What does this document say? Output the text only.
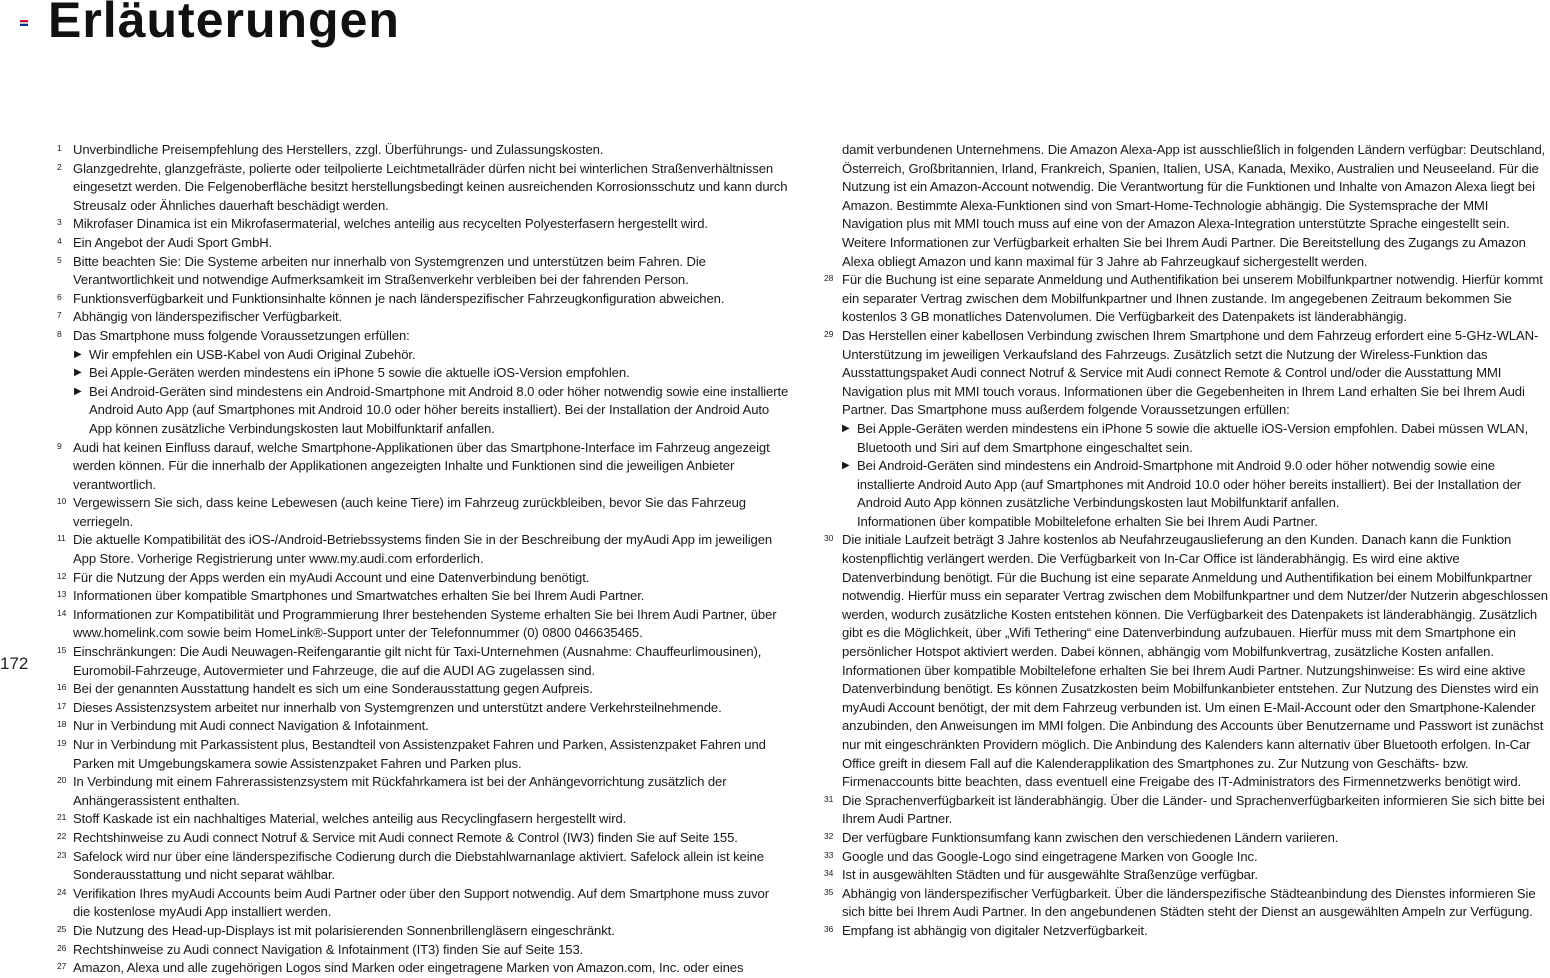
Erläuterungen
172
1 Unverbindliche Preisempfehlung des Herstellers, zzgl. Überführungs- und Zulassungskosten.
2 Glanzgedrehte, glanzgefräste, polierte oder teilpolierte Leichtmetallräder dürfen nicht bei winterlichen Straßenverhältnissen eingesetzt werden. Die Felgenoberfläche besitzt herstellungsbedingt keinen ausreichenden Korrosionsschutz und kann durch Streusalz oder Ähnliches dauerhaft beschädigt werden.
3 Mikrofaser Dinamica ist ein Mikrofasermaterial, welches anteilig aus recycelten Polyesterfasern hergestellt wird.
4 Ein Angebot der Audi Sport GmbH.
5 Bitte beachten Sie: Die Systeme arbeiten nur innerhalb von Systemgrenzen und unterstützen beim Fahren. Die Verantwortlichkeit und notwendige Aufmerksamkeit im Straßenverkehr verbleiben bei der fahrenden Person.
6 Funktionsverfügbarkeit und Funktionsinhalte können je nach länderspezifischer Fahrzeugkonfiguration abweichen.
7 Abhängig von länderspezifischer Verfügbarkeit.
8 Das Smartphone muss folgende Voraussetzungen erfüllen:
▶ Wir empfehlen ein USB-Kabel von Audi Original Zubehör.
▶ Bei Apple-Geräten werden mindestens ein iPhone 5 sowie die aktuelle iOS-Version empfohlen.
▶ Bei Android-Geräten sind mindestens ein Android-Smartphone mit Android 8.0 oder höher notwendig sowie eine installierte Android Auto App (auf Smartphones mit Android 10.0 oder höher bereits installiert). Bei der Installation der Android Auto App können zusätzliche Verbindungskosten laut Mobilfunktarif anfallen.
9 Audi hat keinen Einfluss darauf, welche Smartphone-Applikationen über das Smartphone-Interface im Fahrzeug angezeigt werden können. Für die innerhalb der Applikationen angezeigten Inhalte und Funktionen sind die jeweiligen Anbieter verantwortlich.
10 Vergewissern Sie sich, dass keine Lebewesen (auch keine Tiere) im Fahrzeug zurückbleiben, bevor Sie das Fahrzeug verriegeln.
11 Die aktuelle Kompatibilität des iOS-/Android-Betriebssystems finden Sie in der Beschreibung der myAudi App im jeweiligen App Store. Vorherige Registrierung unter www.my.audi.com erforderlich.
12 Für die Nutzung der Apps werden ein myAudi Account und eine Datenverbindung benötigt.
13 Informationen über kompatible Smartphones und Smartwatches erhalten Sie bei Ihrem Audi Partner.
14 Informationen zur Kompatibilität und Programmierung Ihrer bestehenden Systeme erhalten Sie bei Ihrem Audi Partner, über www.homelink.com sowie beim HomeLink®-Support unter der Telefonnummer (0) 0800 046635465.
15 Einschränkungen: Die Audi Neuwagen-Reifengarantie gilt nicht für Taxi-Unternehmen (Ausnahme: Chauffeurlimousinen), Euromobil-Fahrzeuge, Autovermieter und Fahrzeuge, die auf die AUDI AG zugelassen sind.
16 Bei der genannten Ausstattung handelt es sich um eine Sonderausstattung gegen Aufpreis.
17 Dieses Assistenzsystem arbeitet nur innerhalb von Systemgrenzen und unterstützt andere Verkehrsteilnehmende.
18 Nur in Verbindung mit Audi connect Navigation & Infotainment.
19 Nur in Verbindung mit Parkassistent plus, Bestandteil von Assistenzpaket Fahren und Parken, Assistenzpaket Fahren und Parken mit Umgebungskamera sowie Assistenzpaket Fahren und Parken plus.
20 In Verbindung mit einem Fahrerassistenzsystem mit Rückfahrkamera ist bei der Anhängevorrichtung zusätzlich der Anhängerassistent enthalten.
21 Stoff Kaskade ist ein nachhaltiges Material, welches anteilig aus Recyclingfasern hergestellt wird.
22 Rechtshinweise zu Audi connect Notruf & Service mit Audi connect Remote & Control (IW3) finden Sie auf Seite 155.
23 Safelock wird nur über eine länderspezifische Codierung durch die Diebstahlwarnanlage aktiviert. Safelock allein ist keine Sonderausstattung und nicht separat wählbar.
24 Verifikation Ihres myAudi Accounts beim Audi Partner oder über den Support notwendig. Auf dem Smartphone muss zuvor die kostenlose myAudi App installiert werden.
25 Die Nutzung des Head-up-Displays ist mit polarisierenden Sonnenbrillengläsern eingeschränkt.
26 Rechtshinweise zu Audi connect Navigation & Infotainment (IT3) finden Sie auf Seite 153.
27 Amazon, Alexa und alle zugehörigen Logos sind Marken oder eingetragene Marken von Amazon.com, Inc. oder eines
damit verbundenen Unternehmens. Die Amazon Alexa-App ist ausschließlich in folgenden Ländern verfügbar: Deutschland, Österreich, Großbritannien, Irland, Frankreich, Spanien, Italien, USA, Kanada, Mexiko, Australien und Neuseeland. Für die Nutzung ist ein Amazon-Account notwendig. Die Verantwortung für die Funktionen und Inhalte von Amazon Alexa liegt bei Amazon. Bestimmte Alexa-Funktionen sind von Smart-Home-Technologie abhängig. Die Systemsprache der MMI Navigation plus mit MMI touch muss auf eine von der Amazon Alexa-Integration unterstützte Sprache eingestellt sein. Weitere Informationen zur Verfügbarkeit erhalten Sie bei Ihrem Audi Partner. Die Bereitstellung des Zugangs zu Amazon Alexa obliegt Amazon und kann maximal für 3 Jahre ab Fahrzeugkauf sichergestellt werden.
28 Für die Buchung ist eine separate Anmeldung und Authentifikation bei unserem Mobilfunkpartner notwendig. Hierfür kommt ein separater Vertrag zwischen dem Mobilfunkpartner und Ihnen zustande. Im angegebenen Zeitraum bekommen Sie kostenlos 3 GB monatliches Datenvolumen. Die Verfügbarkeit des Datenpakets ist länderabhängig.
29 Das Herstellen einer kabellosen Verbindung zwischen Ihrem Smartphone und dem Fahrzeug erfordert eine 5-GHz-WLAN-Unterstützung im jeweiligen Verkaufsland des Fahrzeugs. Zusätzlich setzt die Nutzung der Wireless-Funktion das Ausstattungspaket Audi connect Notruf & Service mit Audi connect Remote & Control und/oder die Ausstattung MMI Navigation plus mit MMI touch voraus. Informationen über die Gegebenheiten in Ihrem Land erhalten Sie bei Ihrem Audi Partner. Das Smartphone muss außerdem folgende Voraussetzungen erfüllen:
▶ Bei Apple-Geräten werden mindestens ein iPhone 5 sowie die aktuelle iOS-Version empfohlen. Dabei müssen WLAN, Bluetooth und Siri auf dem Smartphone eingeschaltet sein.
▶ Bei Android-Geräten sind mindestens ein Android-Smartphone mit Android 9.0 oder höher notwendig sowie eine installierte Android Auto App (auf Smartphones mit Android 10.0 oder höher bereits installiert). Bei der Installation der Android Auto App können zusätzliche Verbindungskosten laut Mobilfunktarif anfallen.
Informationen über kompatible Mobiltelefone erhalten Sie bei Ihrem Audi Partner.
30 Die initiale Laufzeit beträgt 3 Jahre kostenlos ab Neufahrzeugauslieferung an den Kunden. Danach kann die Funktion kostenpflichtig verlängert werden. Die Verfügbarkeit von In-Car Office ist länderabhängig. Es wird eine aktive Datenverbindung benötigt. Für die Buchung ist eine separate Anmeldung und Authentifikation bei einem Mobilfunkpartner notwendig. Hierfür muss ein separater Vertrag zwischen dem Mobilfunkpartner und dem Nutzer/der Nutzerin abgeschlossen werden, wodurch zusätzliche Kosten entstehen können. Die Verfügbarkeit des Datenpakets ist länderabhängig. Zusätzlich gibt es die Möglichkeit, über „Wifi Tethering“ eine Datenverbindung aufzubauen. Hierfür muss mit dem Smartphone ein persönlicher Hotspot aktiviert werden. Dabei können, abhängig vom Mobilfunkvertrag, zusätzliche Kosten anfallen. Informationen über kompatible Mobiltelefone erhalten Sie bei Ihrem Audi Partner. Nutzungshinweise: Es wird eine aktive Datenverbindung benötigt. Es können Zusatzkosten beim Mobilfunkanbieter entstehen. Zur Nutzung des Dienstes wird ein myAudi Account benötigt, der mit dem Fahrzeug verbunden ist. Um einen E-Mail-Account oder den Smartphone-Kalender anzubinden, den Anweisungen im MMI folgen. Die Anbindung des Accounts über Benutzername und Passwort ist zunächst nur mit eingeschränkten Providern möglich. Die Anbindung des Kalenders kann alternativ über Bluetooth erfolgen. In-Car Office greift in diesem Fall auf die Kalenderapplikation des Smartphones zu. Zur Nutzung von Geschäfts- bzw. Firmenaccounts bitte beachten, dass eventuell eine Freigabe des IT-Administrators des Firmennetzwerks benötigt wird.
31 Die Sprachenverfügbarkeit ist länderabhängig. Über die Länder- und Sprachenverfügbarkeiten informieren Sie sich bitte bei Ihrem Audi Partner.
32 Der verfügbare Funktionsumfang kann zwischen den verschiedenen Ländern variieren.
33 Google und das Google-Logo sind eingetragene Marken von Google Inc.
34 Ist in ausgewählten Städten und für ausgewählte Straßenzüge verfügbar.
35 Abhängig von länderspezifischer Verfügbarkeit. Über die länderspezifische Städteanbindung des Dienstes informieren Sie sich bitte bei Ihrem Audi Partner. In den angebundenen Städten steht der Dienst an ausgewählten Ampeln zur Verfügung.
36 Empfang ist abhängig von digitaler Netzverfügbarkeit.
